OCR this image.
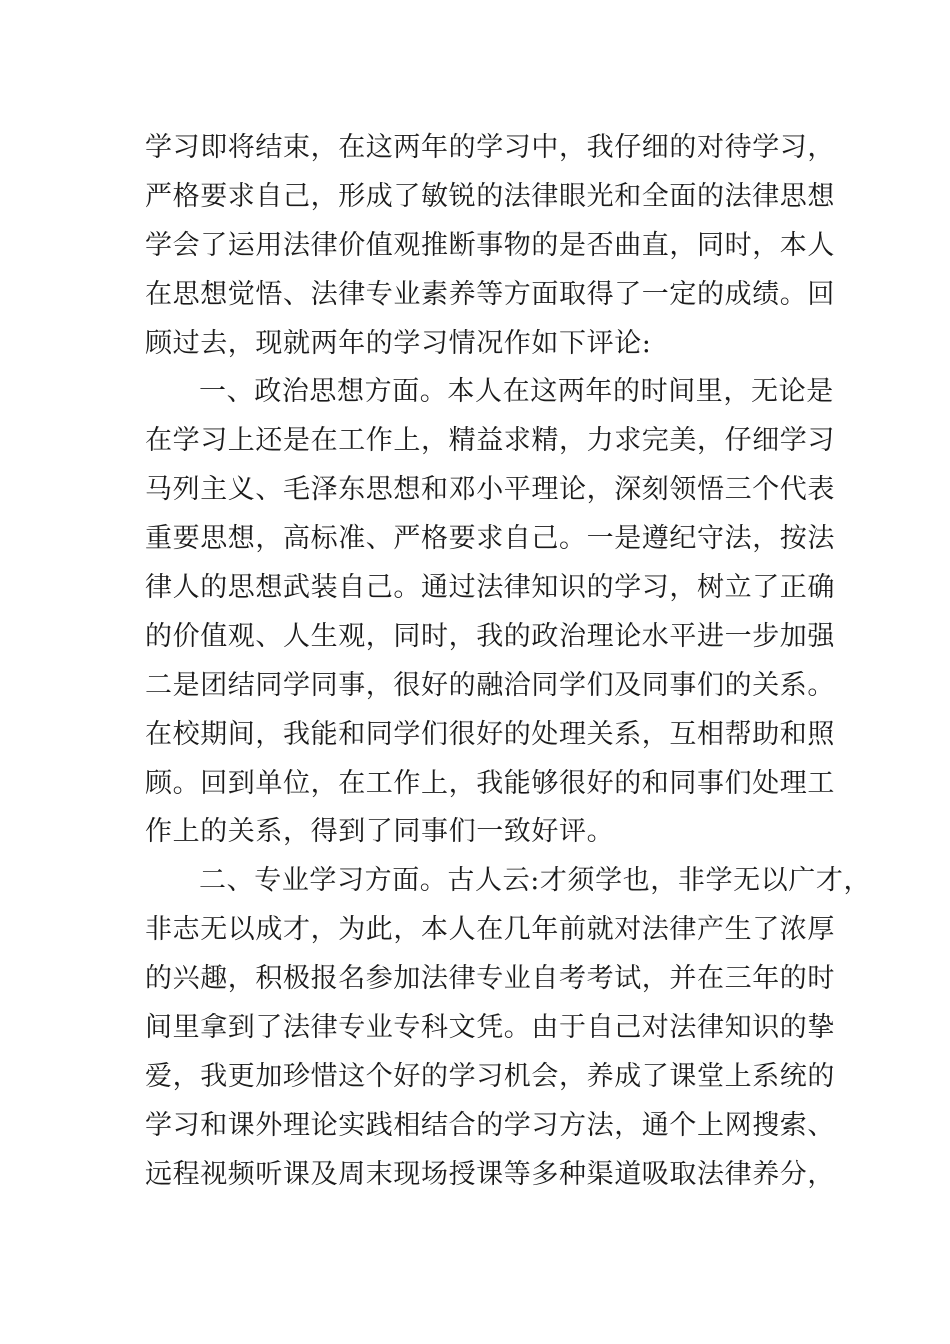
学习即将结束，在这两年的学习中，我仔细的对待学习，
严格要求自己，形成了敏锐的法律眼光和全面的法律思想
学会了运用法律价值观推断事物的是否曲直，同时，本人
在思想觉悟、法律专业素养等方面取得了一定的成绩。回
顾过去，现就两年的学习情况作如下评论:
一、政治思想方面。本人在这两年的时间里，无论是
在学习上还是在工作上，精益求精，力求完美，仔细学习
马列主义、毛泽东思想和邓小平理论，深刻领悟三个代表
重要思想，高标准、严格要求自己。一是遵纪守法，按法
律人的思想武装自己。通过法律知识的学习，树立了正确
的价值观、人生观，同时，我的政治理论水平进一步加强
二是团结同学同事，很好的融洽同学们及同事们的关系。
在校期间，我能和同学们很好的处理关系，互相帮助和照
顾。回到单位，在工作上，我能够很好的和同事们处理工
作上的关系，得到了同事们一致好评。
二、专业学习方面。古人云:才须学也，非学无以广才，
非志无以成才，为此，本人在几年前就对法律产生了浓厚
的兴趣，积极报名参加法律专业自考考试，并在三年的时
间里拿到了法律专业专科文凭。由于自己对法律知识的挚
爱，我更加珍惜这个好的学习机会，养成了课堂上系统的
学习和课外理论实践相结合的学习方法，通个上网搜索、
远程视频听课及周末现场授课等多种渠道吸取法律养分，
